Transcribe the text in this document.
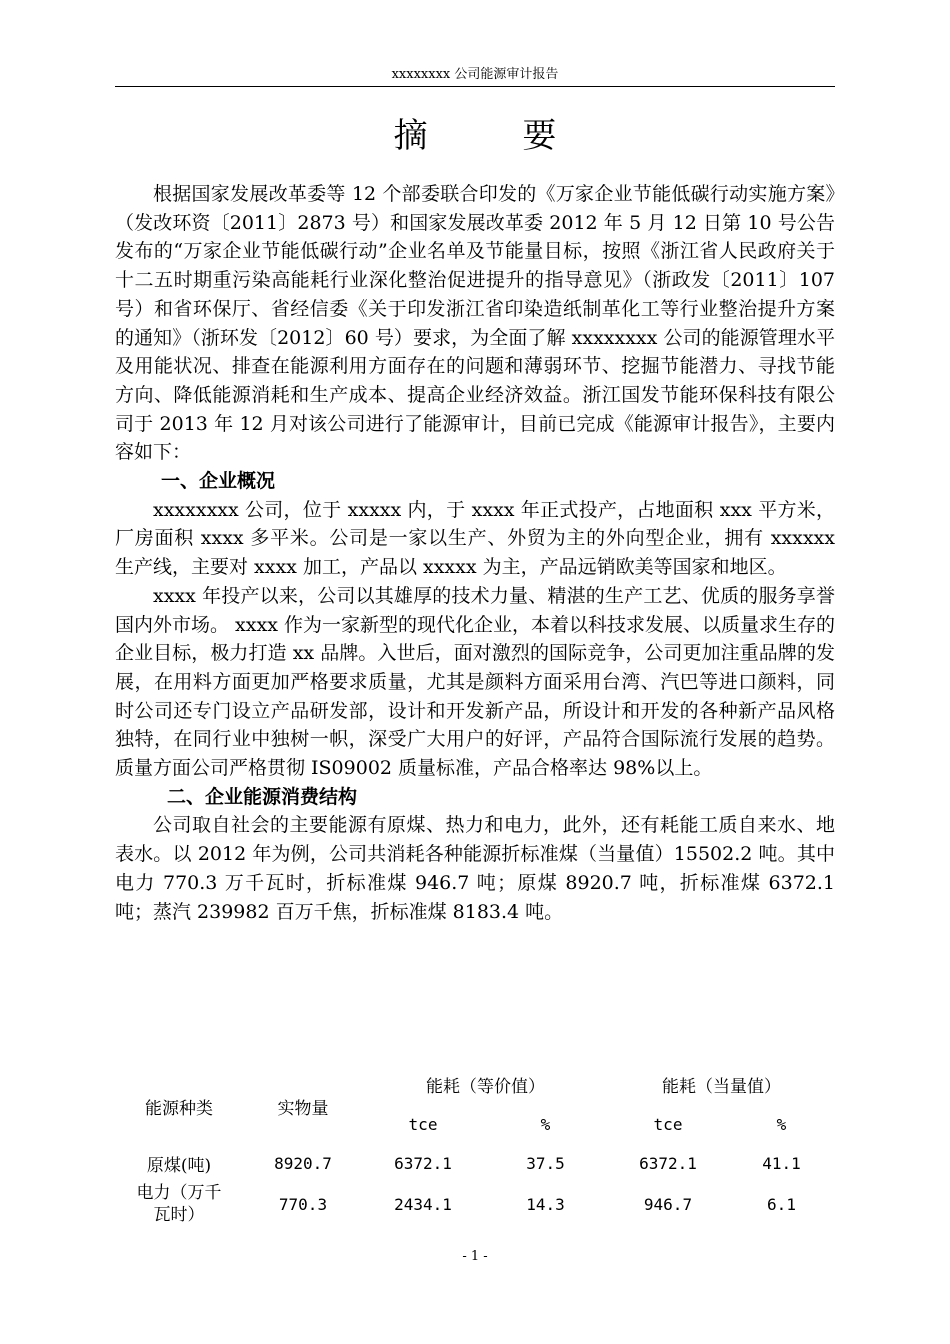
xxxxxxxx 公司能源审计报告
摘 要

根据国家发展改革委等 12 个部委联合印发的《万家企业节能低碳行动实施方案》（发改环资〔2011〕2873 号）和国家发展改革委 2012 年 5 月 12 日第 10 号公告发布的“万家企业节能低碳行动”企业名单及节能量目标，按照《浙江省人民政府关于十二五时期重污染高能耗行业深化整治促进提升的指导意见》（浙政发〔2011〕107 号）和省环保厅、省经信委《关于印发浙江省印染造纸制革化工等行业整治提升方案的通知》（浙环发〔2012〕60 号）要求，为全面了解 xxxxxxxx 公司的能源管理水平及用能状况、排查在能源利用方面存在的问题和薄弱环节、挖掘节能潜力、寻找节能方向、降低能源消耗和生产成本、提高企业经济效益。浙江国发节能环保科技有限公司于 2013 年 12 月对该公司进行了能源审计，目前已完成《能源审计报告》，主要内容如下：

一、企业概况

xxxxxxxx 公司，位于 xxxxx 内，于 xxxx 年正式投产，占地面积 xxx 平方米，厂房面积 xxxx 多平米。公司是一家以生产、外贸为主的外向型企业，拥有 xxxxxx 生产线，主要对 xxxx 加工，产品以 xxxxx 为主，产品远销欧美等国家和地区。

xxxx 年投产以来，公司以其雄厚的技术力量、精湛的生产工艺、优质的服务享誉国内外市场。 xxxx 作为一家新型的现代化企业，本着以科技求发展、以质量求生存的企业目标，极力打造 xx 品牌。入世后，面对激烈的国际竞争，公司更加注重品牌的发展，在用料方面更加严格要求质量，尤其是颜料方面采用台湾、汽巴等进口颜料，同时公司还专门设立产品研发部，设计和开发新产品，所设计和开发的各种新产品风格独特，在同行业中独树一帜，深受广大用户的好评，产品符合国际流行发展的趋势。质量方面公司严格贯彻 IS09002 质量标准，产品合格率达 98%以上。

二、企业能源消费结构

公司取自社会的主要能源有原煤、热力和电力，此外，还有耗能工质自来水、地表水。以 2012 年为例，公司共消耗各种能源折标准煤（当量值）15502.2 吨。其中电力 770.3 万千瓦时，折标准煤 946.7 吨；原煤 8920.7 吨，折标准煤 6372.1 吨；蒸汽 239982 百万千焦，折标准煤 8183.4 吨。

能源种类	实物量	能耗（等价值）		能耗（当量值）	
		tce	%	tce	%
原煤(吨)	8920.7	6372.1	37.5	6372.1	41.1
电力（万千瓦时）	770.3	2434.1	14.3	946.7	6.1
- 1 -
